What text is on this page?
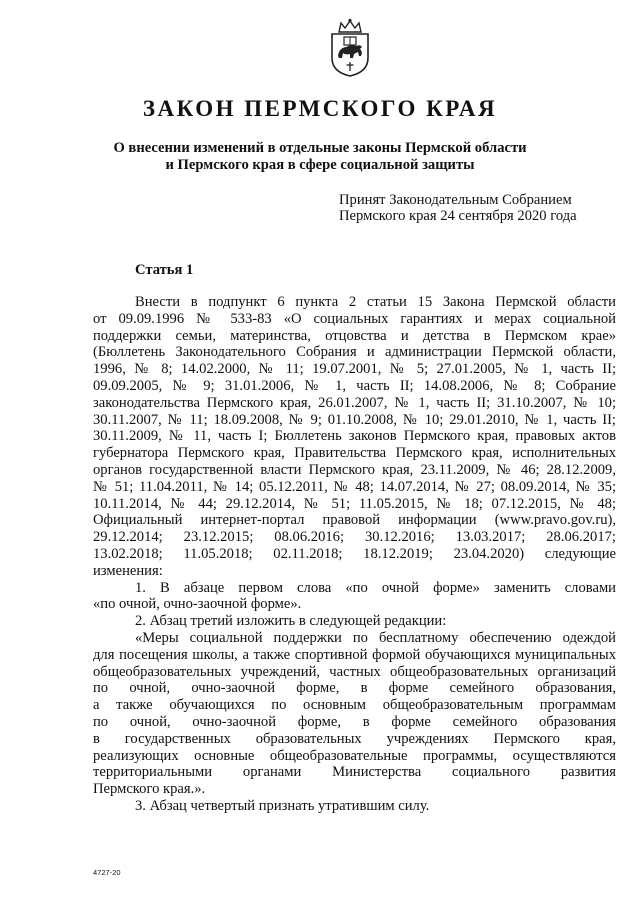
ЗАКОН ПЕРМСКОГО КРАЯ
О внесении изменений в отдельные законы Пермской области
и Пермского края в сфере социальной защиты
Принят Законодательным Собранием
Пермского края 24 сентября 2020 года
Статья 1
Внести в подпункт 6 пункта 2 статьи 15 Закона Пермской области
от 09.09.1996 № 533-83 «О социальных гарантиях и мерах социальной
поддержки семьи, материнства, отцовства и детства в Пермском крае»
(Бюллетень Законодательного Собрания и администрации Пермской области,
1996, № 8; 14.02.2000, № 11; 19.07.2001, № 5; 27.01.2005, № 1, часть II;
09.09.2005, № 9; 31.01.2006, № 1, часть II; 14.08.2006, № 8; Собрание
законодательства Пермского края, 26.01.2007, № 1, часть II; 31.10.2007, № 10;
30.11.2007, № 11; 18.09.2008, № 9; 01.10.2008, № 10; 29.01.2010, № 1, часть II;
30.11.2009, № 11, часть I; Бюллетень законов Пермского края, правовых актов
губернатора Пермского края, Правительства Пермского края, исполнительных
органов государственной власти Пермского края, 23.11.2009, № 46; 28.12.2009,
№ 51; 11.04.2011, № 14; 05.12.2011, № 48; 14.07.2014, № 27; 08.09.2014, № 35;
10.11.2014, № 44; 29.12.2014, № 51; 11.05.2015, № 18; 07.12.2015, № 48;
Официальный интернет-портал правовой информации (www.pravo.gov.ru),
29.12.2014; 23.12.2015; 08.06.2016; 30.12.2016; 13.03.2017; 28.06.2017;
13.02.2018; 11.05.2018; 02.11.2018; 18.12.2019; 23.04.2020) следующие
изменения:
1. В абзаце первом слова «по очной форме» заменить словами
«по очной, очно-заочной форме».
2. Абзац третий изложить в следующей редакции:
«Меры социальной поддержки по бесплатному обеспечению одеждой
для посещения школы, а также спортивной формой обучающихся муниципальных
общеобразовательных учреждений, частных общеобразовательных организаций
по очной, очно-заочной форме, в форме семейного образования,
а также обучающихся по основным общеобразовательным программам
по очной, очно-заочной форме, в форме семейного образования
в государственных образовательных учреждениях Пермского края,
реализующих основные общеобразовательные программы, осуществляются
территориальными органами Министерства социального развития
Пермского края.».
3. Абзац четвертый признать утратившим силу.
4727-20
